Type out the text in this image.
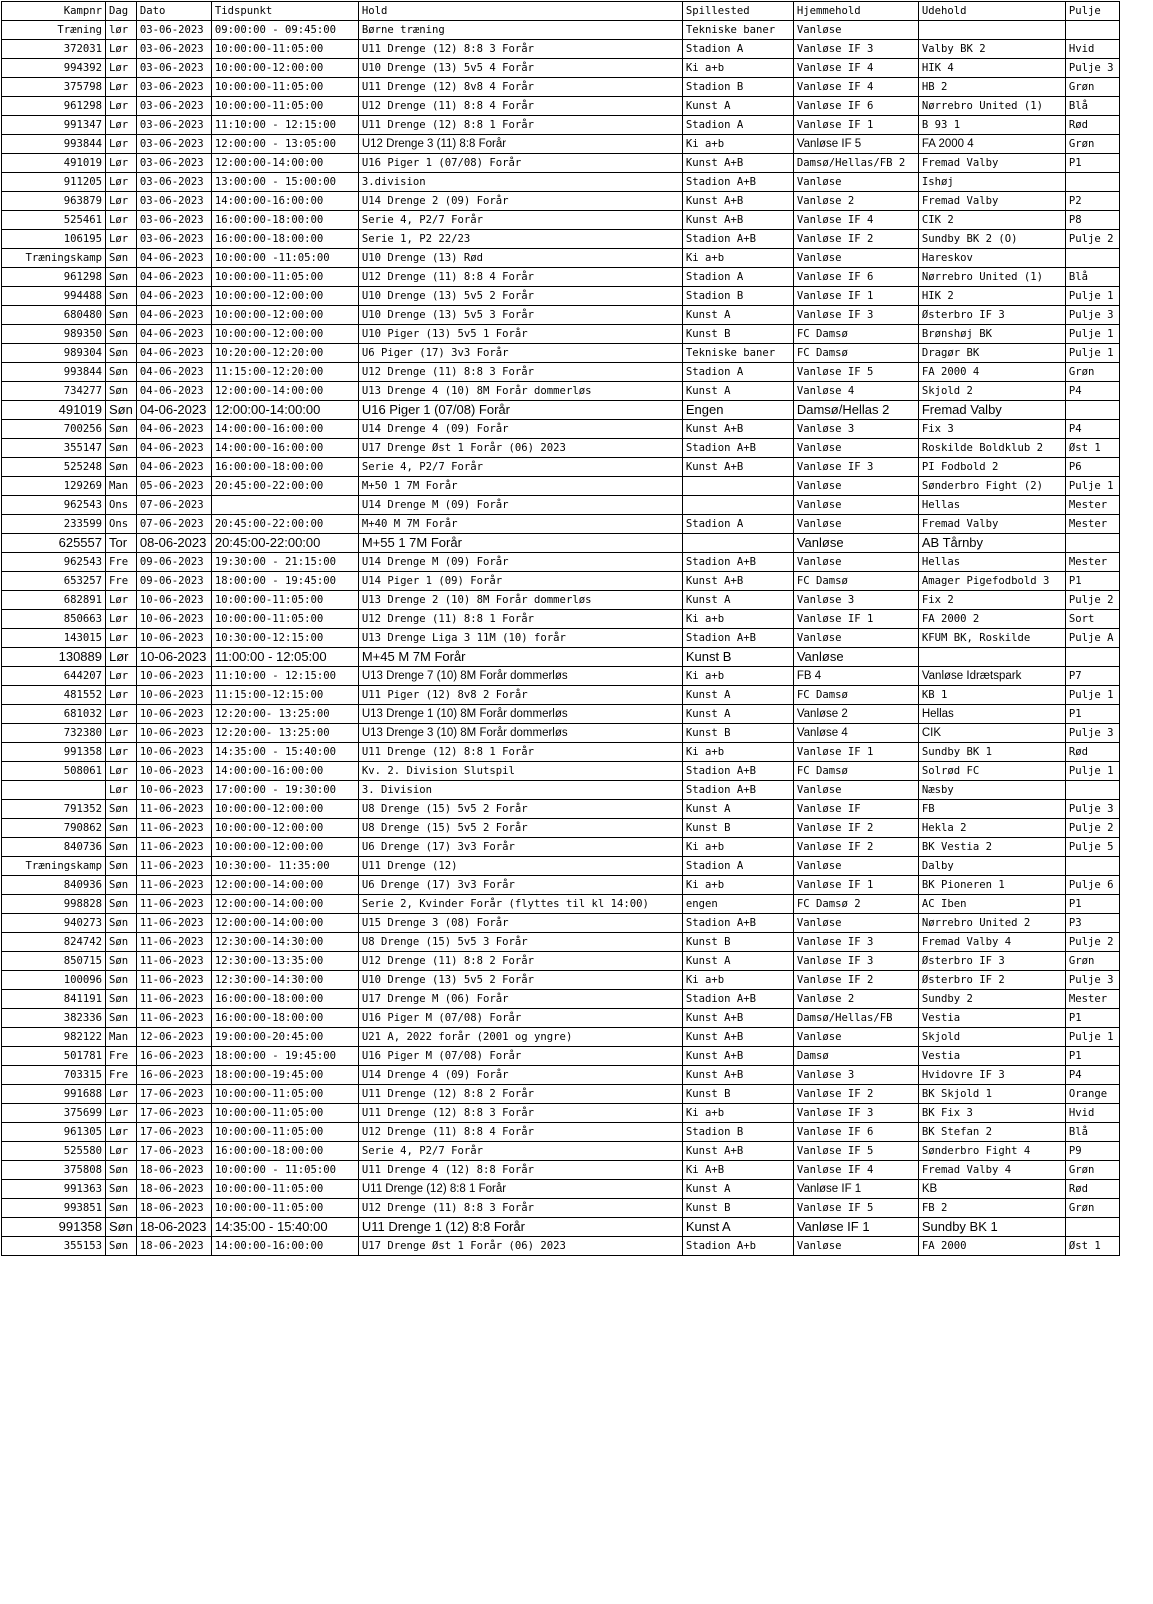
Kampnr	Dag	Dato	Tidspunkt	Hold	Spillested	Hjemmehold	Udehold	Pulje
Træning	lør	03-06-2023	09:00:00 - 09:45:00	Børne træning	Tekniske baner	Vanløse		
372031	Lør	03-06-2023	10:00:00-11:05:00	U11 Drenge (12) 8:8 3 Forår	Stadion A	Vanløse IF 3	Valby BK 2	Hvid
994392	Lør	03-06-2023	10:00:00-12:00:00	U10 Drenge (13) 5v5 4 Forår	Ki a+b	Vanløse IF 4	HIK 4	Pulje 3
375798	Lør	03-06-2023	10:00:00-11:05:00	U11 Drenge (12) 8v8 4 Forår	Stadion B	Vanløse IF 4	HB 2	Grøn
961298	Lør	03-06-2023	10:00:00-11:05:00	U12 Drenge (11) 8:8 4 Forår	Kunst A	Vanløse IF 6	Nørrebro United (1)	Blå
991347	Lør	03-06-2023	11:10:00 - 12:15:00	U11 Drenge (12) 8:8 1 Forår	Stadion A	Vanløse IF 1	B 93 1	Rød
993844	Lør	03-06-2023	12:00:00 - 13:05:00	U12 Drenge 3 (11) 8:8 Forår	Ki a+b	Vanløse IF 5	FA 2000 4	Grøn
491019	Lør	03-06-2023	12:00:00-14:00:00	U16 Piger 1 (07/08) Forår	Kunst A+B	Damsø/Hellas/FB 2	Fremad Valby	P1
911205	Lør	03-06-2023	13:00:00 - 15:00:00	3.division	Stadion A+B	Vanløse	Ishøj	
963879	Lør	03-06-2023	14:00:00-16:00:00	U14 Drenge 2 (09) Forår	Kunst A+B	Vanløse 2	Fremad Valby	P2
525461	Lør	03-06-2023	16:00:00-18:00:00	Serie 4, P2/7 Forår	Kunst A+B	Vanløse IF 4	CIK 2	P8
106195	Lør	03-06-2023	16:00:00-18:00:00	Serie 1, P2 22/23	Stadion A+B	Vanløse IF 2	Sundby BK 2 (O)	Pulje 2
Træningskamp	Søn	04-06-2023	10:00:00 -11:05:00	U10 Drenge (13) Rød	Ki a+b	Vanløse	Hareskov	
961298	Søn	04-06-2023	10:00:00-11:05:00	U12 Drenge (11) 8:8 4 Forår	Stadion A	Vanløse IF 6	Nørrebro United (1)	Blå
994488	Søn	04-06-2023	10:00:00-12:00:00	U10 Drenge (13) 5v5 2 Forår	Stadion B	Vanløse IF 1	HIK 2	Pulje 1
680480	Søn	04-06-2023	10:00:00-12:00:00	U10 Drenge (13) 5v5 3 Forår	Kunst A	Vanløse IF 3	Østerbro IF 3	Pulje 3
989350	Søn	04-06-2023	10:00:00-12:00:00	U10 Piger (13) 5v5 1 Forår	Kunst B	FC Damsø	Brønshøj BK	Pulje 1
989304	Søn	04-06-2023	10:20:00-12:20:00	U6 Piger (17) 3v3 Forår	Tekniske baner	FC Damsø	Dragør BK	Pulje 1
993844	Søn	04-06-2023	11:15:00-12:20:00	U12 Drenge (11) 8:8 3 Forår	Stadion A	Vanløse IF 5	FA 2000 4	Grøn
734277	Søn	04-06-2023	12:00:00-14:00:00	U13 Drenge 4 (10) 8M Forår dommerløs	Kunst A	Vanløse 4	Skjold 2	P4
491019	Søn	04-06-2023	12:00:00-14:00:00	U16 Piger 1 (07/08) Forår	Engen	Damsø/Hellas 2	Fremad Valby	
700256	Søn	04-06-2023	14:00:00-16:00:00	U14 Drenge 4 (09) Forår	Kunst A+B	Vanløse 3	Fix 3	P4
355147	Søn	04-06-2023	14:00:00-16:00:00	U17 Drenge Øst 1 Forår (06) 2023	Stadion A+B	Vanløse	Roskilde Boldklub 2	Øst 1
525248	Søn	04-06-2023	16:00:00-18:00:00	Serie 4, P2/7 Forår	Kunst A+B	Vanløse IF 3	PI Fodbold 2	P6
129269	Man	05-06-2023	20:45:00-22:00:00	M+50 1 7M Forår		Vanløse	Sønderbro Fight (2)	Pulje 1
962543	Ons	07-06-2023		U14 Drenge M (09) Forår		Vanløse	Hellas	Mester
233599	Ons	07-06-2023	20:45:00-22:00:00	M+40 M 7M Forår	Stadion A	Vanløse	Fremad Valby	Mester
625557	Tor	08-06-2023	20:45:00-22:00:00	M+55 1 7M Forår		Vanløse	AB Tårnby	
962543	Fre	09-06-2023	19:30:00 - 21:15:00	U14 Drenge M (09) Forår	Stadion A+B	Vanløse	Hellas	Mester
653257	Fre	09-06-2023	18:00:00 - 19:45:00	U14 Piger 1 (09) Forår	Kunst A+B	FC Damsø	Amager Pigefodbold 3	P1
682891	Lør	10-06-2023	10:00:00-11:05:00	U13 Drenge 2 (10) 8M Forår dommerløs	Kunst A	Vanløse 3	Fix 2	Pulje 2
850663	Lør	10-06-2023	10:00:00-11:05:00	U12 Drenge (11) 8:8 1 Forår	Ki a+b	Vanløse IF 1	FA 2000 2	Sort
143015	Lør	10-06-2023	10:30:00-12:15:00	U13 Drenge Liga 3 11M (10) forår	Stadion A+B	Vanløse	KFUM BK, Roskilde	Pulje A
130889	Lør	10-06-2023	11:00:00 - 12:05:00	M+45 M 7M Forår	Kunst B	Vanløse		
644207	Lør	10-06-2023	11:10:00 - 12:15:00	U13 Drenge 7 (10) 8M Forår dommerløs	Ki a+b	FB 4	Vanløse Idrætspark	P7
481552	Lør	10-06-2023	11:15:00-12:15:00	U11 Piger (12) 8v8 2 Forår	Kunst A	FC Damsø	KB 1	Pulje 1
681032	Lør	10-06-2023	12:20:00- 13:25:00	U13 Drenge 1 (10) 8M Forår dommerløs	Kunst A	Vanløse 2	Hellas	P1
732380	Lør	10-06-2023	12:20:00- 13:25:00	U13 Drenge 3 (10) 8M Forår dommerløs	Kunst B	Vanløse 4	CIK	Pulje 3
991358	Lør	10-06-2023	14:35:00 - 15:40:00	U11 Drenge (12) 8:8 1 Forår	Ki a+b	Vanløse IF 1	Sundby BK 1	Rød
508061	Lør	10-06-2023	14:00:00-16:00:00	Kv. 2. Division Slutspil	Stadion A+B	FC Damsø	Solrød FC	Pulje 1
	Lør	10-06-2023	17:00:00 - 19:30:00	3. Division	Stadion A+B	Vanløse	Næsby	
791352	Søn	11-06-2023	10:00:00-12:00:00	U8 Drenge (15) 5v5 2 Forår	Kunst A	Vanløse IF	FB	Pulje 3
790862	Søn	11-06-2023	10:00:00-12:00:00	U8 Drenge (15) 5v5 2 Forår	Kunst B	Vanløse IF 2	Hekla 2	Pulje 2
840736	Søn	11-06-2023	10:00:00-12:00:00	U6 Drenge (17) 3v3 Forår	Ki a+b	Vanløse IF 2	BK Vestia 2	Pulje 5
Træningskamp	Søn	11-06-2023	10:30:00- 11:35:00	U11 Drenge (12)	Stadion A	Vanløse	Dalby	
840936	Søn	11-06-2023	12:00:00-14:00:00	U6 Drenge (17) 3v3 Forår	Ki a+b	Vanløse IF 1	BK Pioneren 1	Pulje 6
998828	Søn	11-06-2023	12:00:00-14:00:00	Serie 2, Kvinder Forår (flyttes til kl 14:00)	engen	FC Damsø 2	AC Iben	P1
940273	Søn	11-06-2023	12:00:00-14:00:00	U15 Drenge 3 (08) Forår	Stadion A+B	Vanløse	Nørrebro United 2	P3
824742	Søn	11-06-2023	12:30:00-14:30:00	U8 Drenge (15) 5v5 3 Forår	Kunst B	Vanløse IF 3	Fremad Valby 4	Pulje 2
850715	Søn	11-06-2023	12:30:00-13:35:00	U12 Drenge (11) 8:8 2 Forår	Kunst A	Vanløse IF 3	Østerbro IF 3	Grøn
100096	Søn	11-06-2023	12:30:00-14:30:00	U10 Drenge (13) 5v5 2 Forår	Ki a+b	Vanløse IF 2	Østerbro IF 2	Pulje 3
841191	Søn	11-06-2023	16:00:00-18:00:00	U17 Drenge M (06) Forår	Stadion A+B	Vanløse 2	Sundby 2	Mester
382336	Søn	11-06-2023	16:00:00-18:00:00	U16 Piger M (07/08) Forår	Kunst A+B	Damsø/Hellas/FB	Vestia	P1
982122	Man	12-06-2023	19:00:00-20:45:00	U21 A, 2022 forår (2001 og yngre)	Kunst A+B	Vanløse	Skjold	Pulje 1
501781	Fre	16-06-2023	18:00:00 - 19:45:00	U16 Piger M (07/08) Forår	Kunst A+B	Damsø	Vestia	P1
703315	Fre	16-06-2023	18:00:00-19:45:00	U14 Drenge 4 (09) Forår	Kunst A+B	Vanløse 3	Hvidovre IF 3	P4
991688	Lør	17-06-2023	10:00:00-11:05:00	U11 Drenge (12) 8:8 2 Forår	Kunst B	Vanløse IF 2	BK Skjold 1	Orange
375699	Lør	17-06-2023	10:00:00-11:05:00	U11 Drenge (12) 8:8 3 Forår	Ki a+b	Vanløse IF 3	BK Fix 3	Hvid
961305	Lør	17-06-2023	10:00:00-11:05:00	U12 Drenge (11) 8:8 4 Forår	Stadion B	Vanløse IF 6	BK Stefan 2	Blå
525580	Lør	17-06-2023	16:00:00-18:00:00	Serie 4, P2/7 Forår	Kunst A+B	Vanløse IF 5	Sønderbro Fight 4	P9
375808	Søn	18-06-2023	10:00:00 - 11:05:00	U11 Drenge 4 (12) 8:8 Forår	Ki A+B	Vanløse IF 4	Fremad Valby 4	Grøn
991363	Søn	18-06-2023	10:00:00-11:05:00	U11 Drenge (12) 8:8 1 Forår	Kunst A	Vanløse IF 1	KB	Rød
993851	Søn	18-06-2023	10:00:00-11:05:00	U12 Drenge (11) 8:8 3 Forår	Kunst B	Vanløse IF 5	FB 2	Grøn
991358	Søn	18-06-2023	14:35:00 - 15:40:00	U11 Drenge 1 (12) 8:8 Forår	Kunst A	Vanløse IF 1	Sundby BK 1	
355153	Søn	18-06-2023	14:00:00-16:00:00	U17 Drenge Øst 1 Forår (06) 2023	Stadion A+b	Vanløse	FA 2000	Øst 1
